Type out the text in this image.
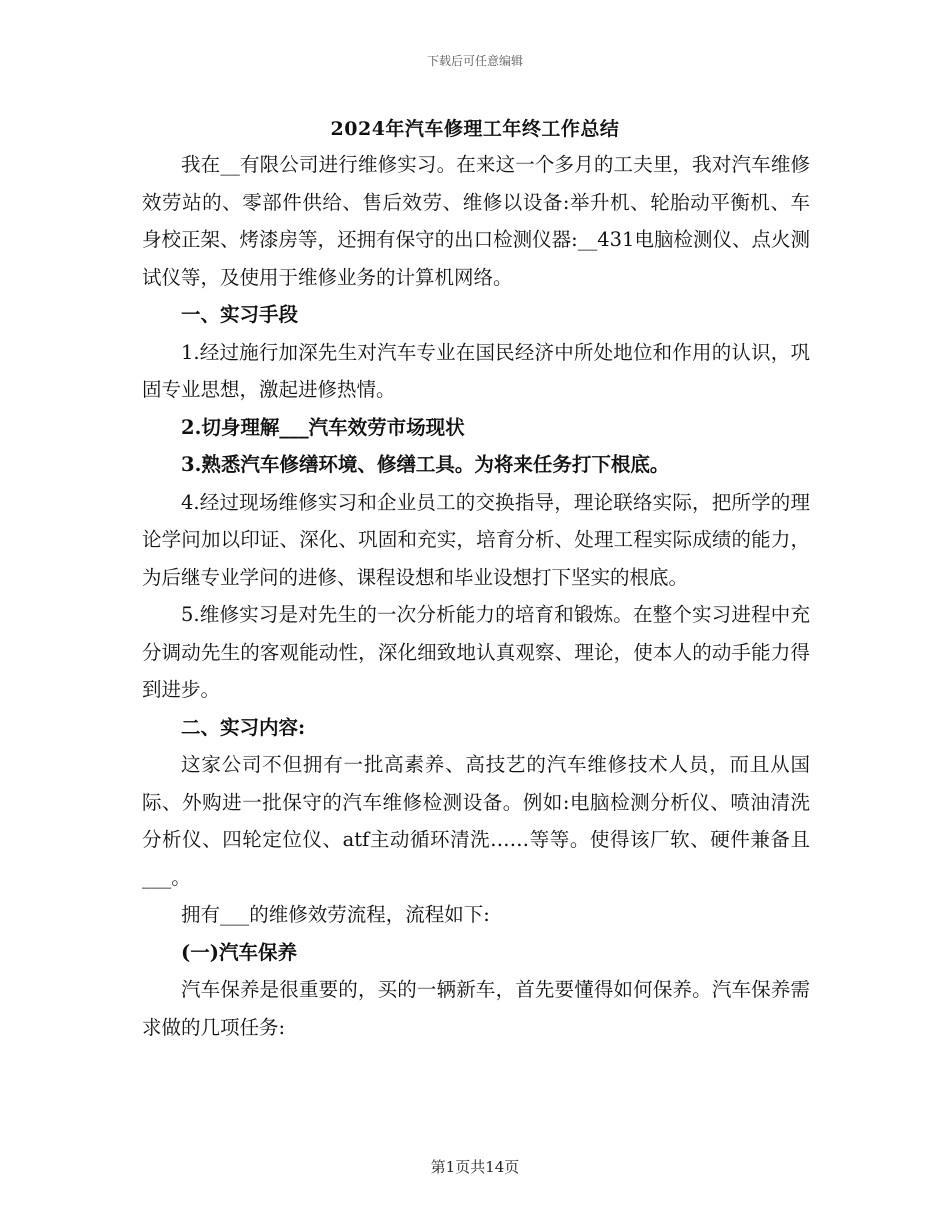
下载后可任意编辑
2024年汽车修理工年终工作总结

我在__有限公司进行维修实习。在来这一个多月的工夫里，我对汽车维修效劳站的、零部件供给、售后效劳、维修以设备:举升机、轮胎动平衡机、车身校正架、烤漆房等，还拥有保守的出口检测仪器:__431电脑检测仪、点火测试仪等，及使用于维修业务的计算机网络。

一、实习手段

1.经过施行加深先生对汽车专业在国民经济中所处地位和作用的认识，巩固专业思想，激起进修热情。

2.切身理解___汽车效劳市场现状

3.熟悉汽车修缮环境、修缮工具。为将来任务打下根底。

4.经过现场维修实习和企业员工的交换指导，理论联络实际，把所学的理论学问加以印证、深化、巩固和充实，培育分析、处理工程实际成绩的能力，为后继专业学问的进修、课程设想和毕业设想打下坚实的根底。

5.维修实习是对先生的一次分析能力的培育和锻炼。在整个实习进程中充分调动先生的客观能动性，深化细致地认真观察、理论，使本人的动手能力得到进步。

二、实习内容:

这家公司不但拥有一批高素养、高技艺的汽车维修技术人员，而且从国际、外购进一批保守的汽车维修检测设备。例如:电脑检测分析仪、喷油清洗分析仪、四轮定位仪、atf主动循环清洗……等等。使得该厂软、硬件兼备且___。

拥有___的维修效劳流程，流程如下:

(一)汽车保养

汽车保养是很重要的，买的一辆新车，首先要懂得如何保养。汽车保养需求做的几项任务:

第1页共14页
